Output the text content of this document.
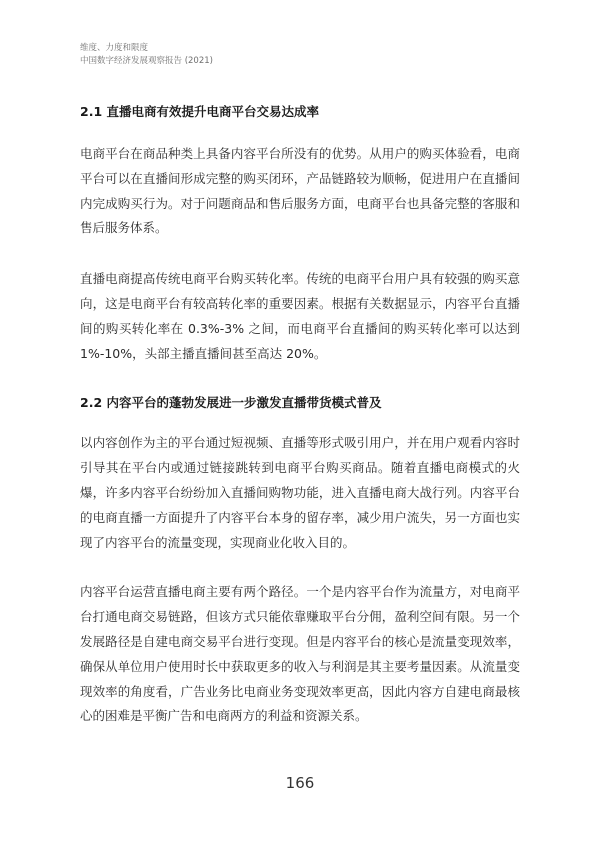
维度、力度和限度
中国数字经济发展观察报告 (2021)
2.1 直播电商有效提升电商平台交易达成率

电商平台在商品种类上具备内容平台所没有的优势。从用户的购买体验看，电商平台可以在直播间形成完整的购买闭环，产品链路较为顺畅，促进用户在直播间内完成购买行为。对于问题商品和售后服务方面，电商平台也具备完整的客服和售后服务体系。

直播电商提高传统电商平台购买转化率。传统的电商平台用户具有较强的购买意向，这是电商平台有较高转化率的重要因素。根据有关数据显示，内容平台直播间的购买转化率在 0.3%-3% 之间，而电商平台直播间的购买转化率可以达到 1%-10%，头部主播直播间甚至高达 20%。

2.2 内容平台的蓬勃发展进一步激发直播带货模式普及

以内容创作为主的平台通过短视频、直播等形式吸引用户，并在用户观看内容时引导其在平台内或通过链接跳转到电商平台购买商品。随着直播电商模式的火爆，许多内容平台纷纷加入直播间购物功能，进入直播电商大战行列。内容平台的电商直播一方面提升了内容平台本身的留存率，减少用户流失，另一方面也实现了内容平台的流量变现，实现商业化收入目的。

内容平台运营直播电商主要有两个路径。一个是内容平台作为流量方，对电商平台打通电商交易链路，但该方式只能依靠赚取平台分佣，盈利空间有限。另一个发展路径是自建电商交易平台进行变现。但是内容平台的核心是流量变现效率，确保从单位用户使用时长中获取更多的收入与利润是其主要考量因素。从流量变现效率的角度看，广告业务比电商业务变现效率更高，因此内容方自建电商最核心的困难是平衡广告和电商两方的利益和资源关系。

166
